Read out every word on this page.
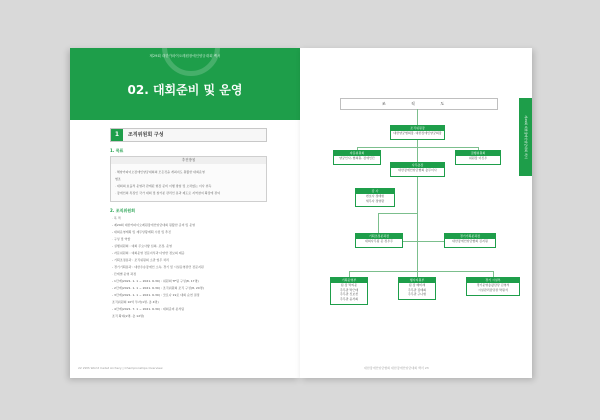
제29회 대한카파이오레원장애인양궁대회 백서
02. 대회준비 및 운영
1	조직위원회 구성
1. 목표
추진방침
· 해양카파이오장애인양궁대회의 모든것을 개최지도 원활한 대회운영
협조
· 대회의 효율적 운영과 관계된 현장 준비 이행 방침 및 오차없는 이사 취득
· 장애인의 특징인 국가 대회 및 참가분 관리인 분과 제도로 지역참여 확장에 관여
2. 조직위원회
· 목 적
- 제29회 대한카파이오레원장애인양궁대회 원활한 준비 및 운영
- 대회운영계획 및 재무상황계획 수립 및 추진
· 구성 및 역할
- 실행위원회 : 대회 주요사항 심의, 조정, 운영
- 자문위원회 : 대회운영 전문지식과 다양한 정보의 제공
- 기획조정분과 : 조직위원회 소관 업무 처리
- 경기기획분과 : 대한우슈장애인 소속, 경기 및 시설운영관련 전문지원
· 단계별 운영 과정
- 1단계(2021. 1. 1 ~ 2021. 6.30) : 위원회 TF팀 구성(8, 17명)
- 2단계(2021. 1. 1 ~ 2021. 6.30) : 조직위원회 조직 구성(8, 20명)
- 3단계(2021. 1. 1 ~ 2021. 6.30) : 코로나 19로 대회 순연 결정
조직위원회 10억 투자(1명, 총 4명)
- 4단계(2021. 7. 1 ~ 2021. 6.30) : 대회준비 분석팀
조직 확대(2명, 총 12명)
22 29th World Cadet Archery | Championships Overview
제29회 대한장애인양궁대회 백서
조 직 도
조직위원장
대한양궁협회장, 대한장애인양궁회장
자문위원회
양궁인사, 협의원, 장애인단
집행위원회
위원장 이진우
사무총장
대한장애인양궁협회 총무이사
감 사
변호사 정태현
세무사 정영환
기획조정분과장
대회사무팀 문 정우주
경기기획분과장
대한장애인양궁협회 김지원
기획운영부
팀 장 박지운
주무관 박근태
주무관 신보선
주무관 윤서희
행사지원부
팀 장 배미래
주무관 김태희
주무관 구나현
경기 시설부
경기운영총괄담당 김영석
시설관리담당관 박원석
대한장애인양궁협회 대한장애인양궁대회 백서 23
